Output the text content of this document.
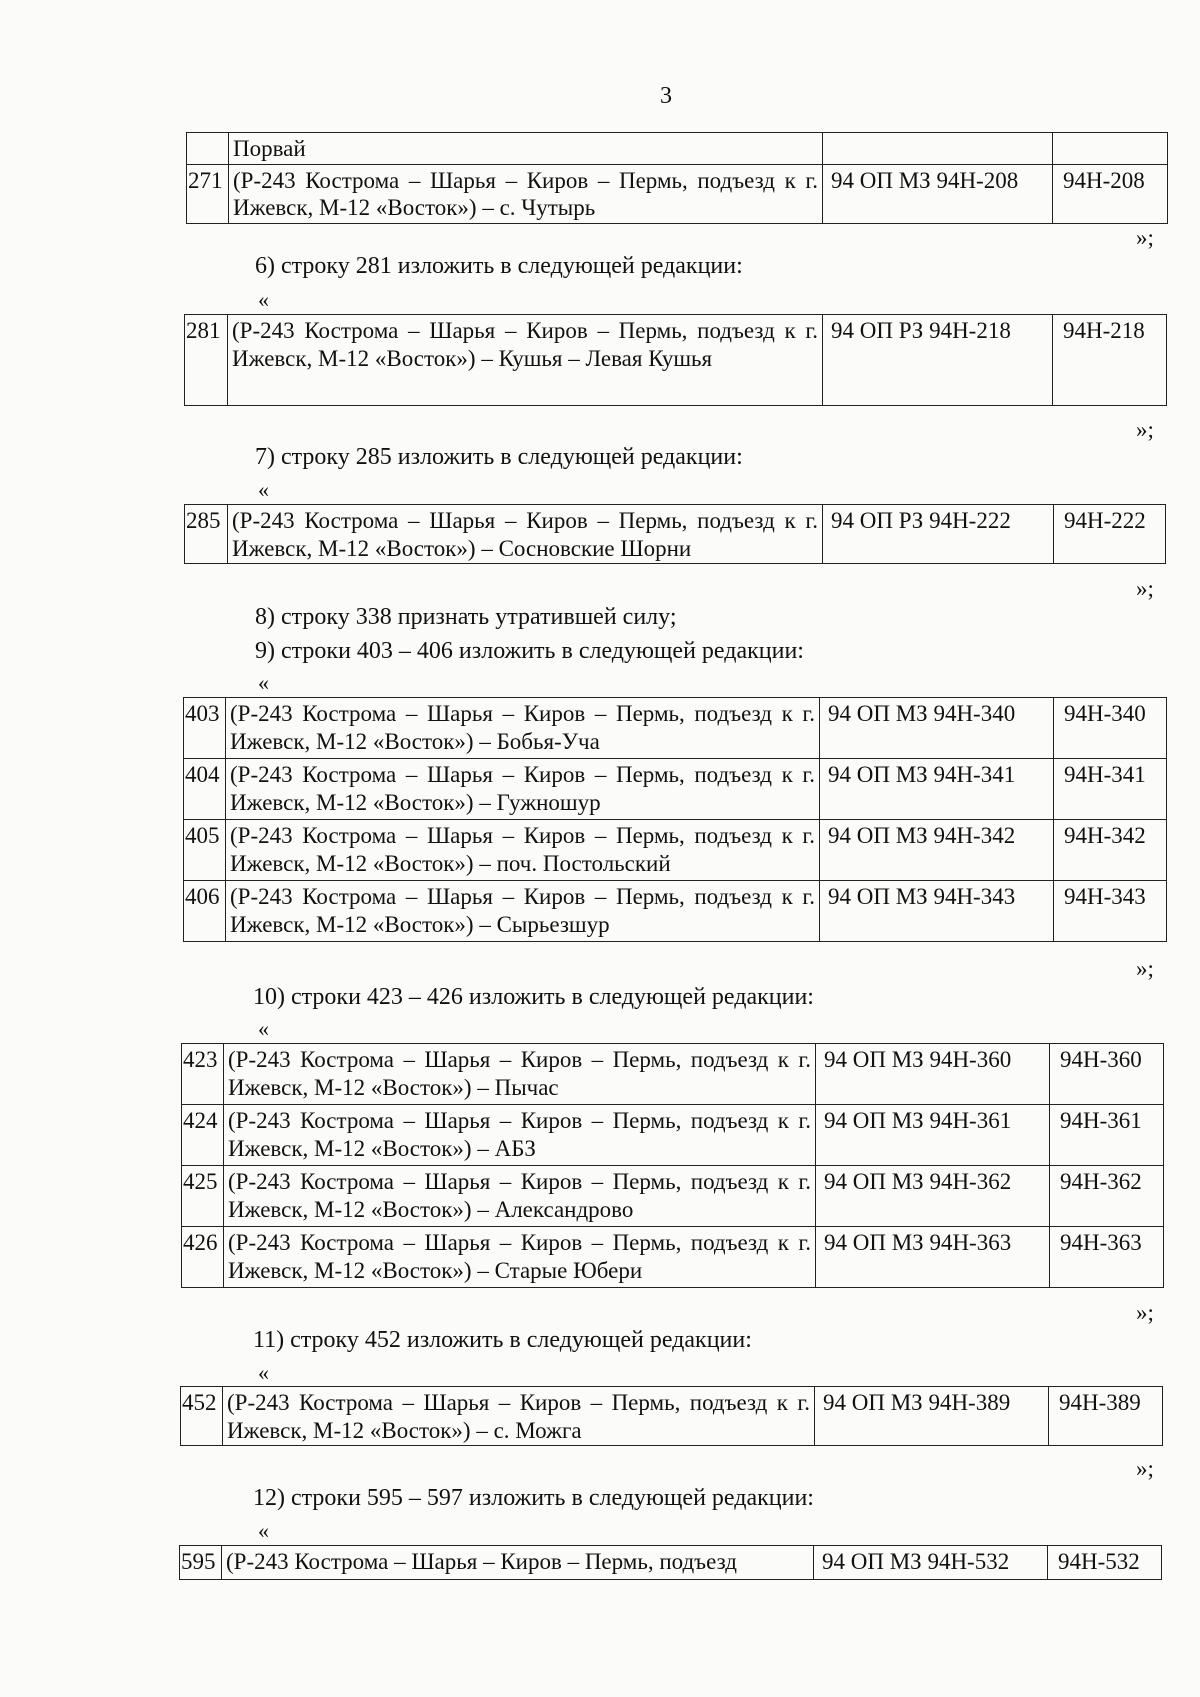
3
	Порвай		
271	(Р-243 Кострома – Шарья – Киров – Пермь, подъезд к г. Ижевск, М-12 «Восток») – с. Чутырь	94 ОП МЗ 94Н-208	94Н-208
»;
6) строку 281 изложить в следующей редакции:
«
281	(Р-243 Кострома – Шарья – Киров – Пермь, подъезд к г. Ижевск, М-12 «Восток») – Кушья – Левая Кушья	94 ОП РЗ 94Н-218	94Н-218
»;
7) строку 285 изложить в следующей редакции:
«
285	(Р-243 Кострома – Шарья – Киров – Пермь, подъезд к г. Ижевск, М-12 «Восток») – Сосновские Шорни	94 ОП РЗ 94Н-222	94Н-222
»;
8) строку 338 признать утратившей силу;
9) строки 403 – 406 изложить в следующей редакции:
«
403	(Р-243 Кострома – Шарья – Киров – Пермь, подъезд к г. Ижевск, М-12 «Восток») – Бобья-Уча	94 ОП МЗ 94Н-340	94Н-340
404	(Р-243 Кострома – Шарья – Киров – Пермь, подъезд к г. Ижевск, М-12 «Восток») – Гужношур	94 ОП МЗ 94Н-341	94Н-341
405	(Р-243 Кострома – Шарья – Киров – Пермь, подъезд к г. Ижевск, М-12 «Восток») – поч. Постольский	94 ОП МЗ 94Н-342	94Н-342
406	(Р-243 Кострома – Шарья – Киров – Пермь, подъезд к г. Ижевск, М-12 «Восток») – Сырьезшур	94 ОП МЗ 94Н-343	94Н-343
»;
10) строки 423 – 426 изложить в следующей редакции:
«
423	(Р-243 Кострома – Шарья – Киров – Пермь, подъезд к г. Ижевск, М-12 «Восток») – Пычас	94 ОП МЗ 94Н-360	94Н-360
424	(Р-243 Кострома – Шарья – Киров – Пермь, подъезд к г. Ижевск, М-12 «Восток») – АБЗ	94 ОП МЗ 94Н-361	94Н-361
425	(Р-243 Кострома – Шарья – Киров – Пермь, подъезд к г. Ижевск, М-12 «Восток») – Александрово	94 ОП МЗ 94Н-362	94Н-362
426	(Р-243 Кострома – Шарья – Киров – Пермь, подъезд к г. Ижевск, М-12 «Восток») – Старые Юбери	94 ОП МЗ 94Н-363	94Н-363
»;
11) строку 452 изложить в следующей редакции:
«
452	(Р-243 Кострома – Шарья – Киров – Пермь, подъезд к г. Ижевск, М-12 «Восток») – с. Можга	94 ОП МЗ 94Н-389	94Н-389
»;
12) строки 595 – 597 изложить в следующей редакции:
«
595	(Р-243 Кострома – Шарья – Киров – Пермь, подъезд	94 ОП МЗ 94Н-532	94Н-532
